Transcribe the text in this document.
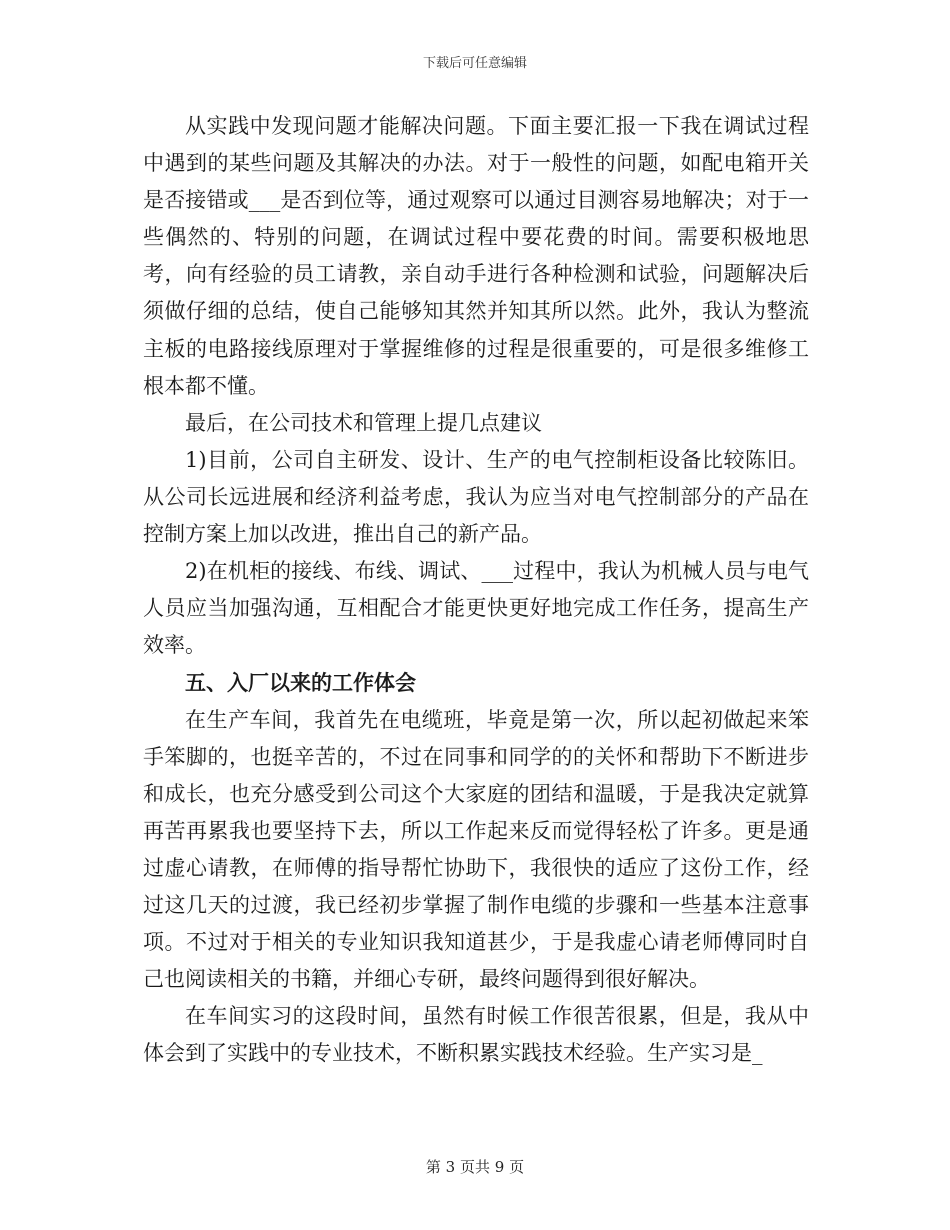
下载后可任意编辑

从实践中发现问题才能解决问题。下面主要汇报一下我在调试过程中遇到的某些问题及其解决的办法。对于一般性的问题，如配电箱开关是否接错或___是否到位等，通过观察可以通过目测容易地解决；对于一些偶然的、特别的问题，在调试过程中要花费的时间。需要积极地思考，向有经验的员工请教，亲自动手进行各种检测和试验，问题解决后须做仔细的总结，使自己能够知其然并知其所以然。此外，我认为整流主板的电路接线原理对于掌握维修的过程是很重要的，可是很多维修工根本都不懂。

最后，在公司技术和管理上提几点建议

1)目前，公司自主研发、设计、生产的电气控制柜设备比较陈旧。从公司长远进展和经济利益考虑，我认为应当对电气控制部分的产品在控制方案上加以改进，推出自己的新产品。

2)在机柜的接线、布线、调试、___过程中，我认为机械人员与电气人员应当加强沟通，互相配合才能更快更好地完成工作任务，提高生产效率。

五、入厂以来的工作体会

在生产车间，我首先在电缆班，毕竟是第一次，所以起初做起来笨手笨脚的，也挺辛苦的，不过在同事和同学的的关怀和帮助下不断进步和成长，也充分感受到公司这个大家庭的团结和温暖，于是我决定就算再苦再累我也要坚持下去，所以工作起来反而觉得轻松了许多。更是通过虚心请教，在师傅的指导帮忙协助下，我很快的适应了这份工作，经过这几天的过渡，我已经初步掌握了制作电缆的步骤和一些基本注意事项。不过对于相关的专业知识我知道甚少，于是我虚心请老师傅同时自己也阅读相关的书籍，并细心专研，最终问题得到很好解决。

在车间实习的这段时间，虽然有时候工作很苦很累，但是，我从中体会到了实践中的专业技术，不断积累实践技术经验。生产实习是_

第 3 页共 9 页
